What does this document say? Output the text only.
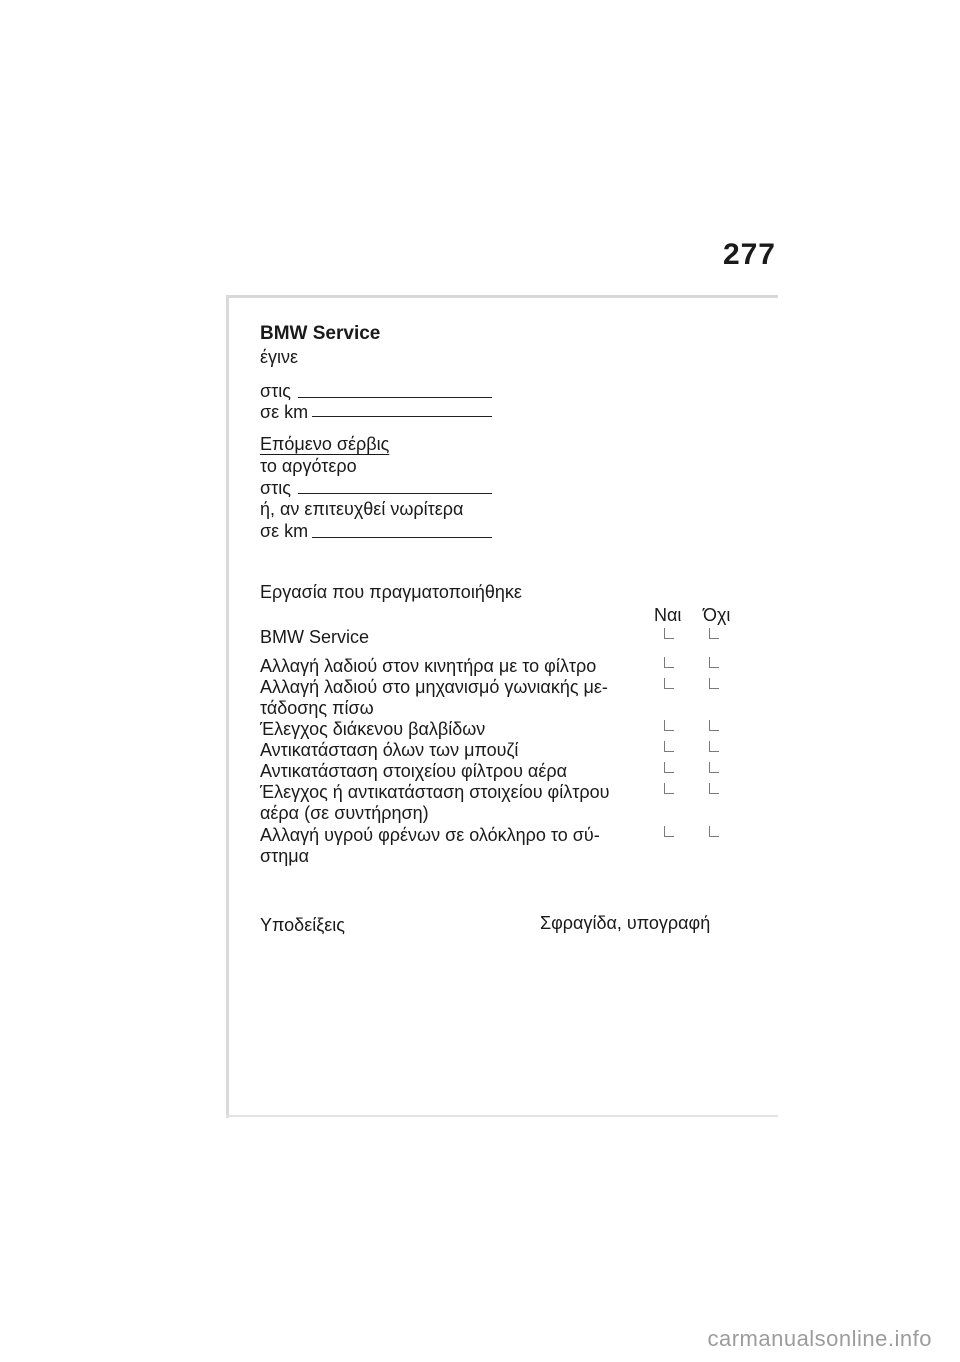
277
BMW Service
έγινε
στις
σε km
Επόμενο σέρβις
το αργότερο
στις
ή, αν επιτευχθεί νωρίτερα
σε km
Εργασία που πραγματοποιήθηκε
Ναι Όχι
BMW Service
Αλλαγή λαδιού στον κινητήρα με το φίλτρο
Αλλαγή λαδιού στο μηχανισμό γωνιακής με-
τάδοσης πίσω
Έλεγχος διάκενου βαλβίδων
Αντικατάσταση όλων των μπουζί
Αντικατάσταση στοιχείου φίλτρου αέρα
Έλεγχος ή αντικατάσταση στοιχείου φίλτρου
αέρα (σε συντήρηση)
Αλλαγή υγρού φρένων σε ολόκληρο το σύ-
στημα
Υποδείξεις	Σφραγίδα, υπογραφή
carmanualsonline.info
